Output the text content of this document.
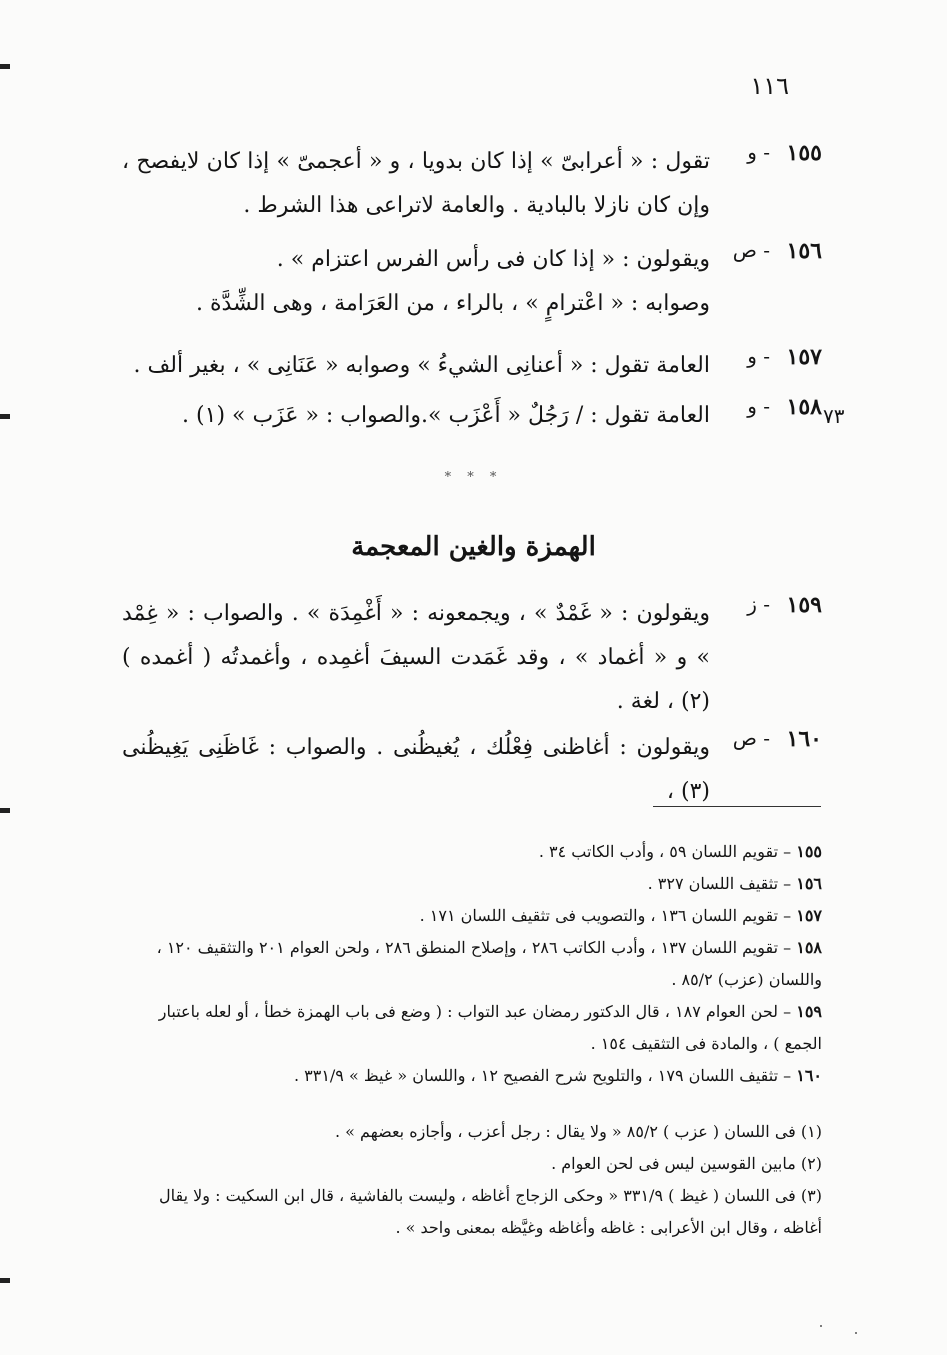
١١٦
١٥٥
- و

تقول : « أعرابىّ » إذا كان بدويا ، و « أعجمىّ » إذا كان لايفصح ، وإن كان نازلا بالبادية . والعامة لاتراعى هذا الشرط .

١٥٦
- ص

ويقولون : « إذا كان فى رأس الفرس اعتزام » .

وصوابه : « اعْترامٍ » ، بالراء ، من العَرَامة ، وهى الشِّدَّة .

١٥٧
- و

العامة تقول : « أعنانِى الشيءُ » وصوابه « عَنَانِى » ، بغير ألف .

١٥٨
- و

العامة تقول : / رَجُلٌ « أَعْزَب ».والصواب : « عَزَب » (١) .	٧٣
* * *
الهمزة والغين المعجمة
١٥٩
- ز

ويقولون : « غَمْدٌ » ، ويجمعونه : « أَغْمِدَة » . والصواب : « غِمْد » و « أغماد » ، وقد غَمَدت السيفَ أغمِده ، وأغمدتُه ( أغمده ) (٢) ، لغة .

١٦٠
- ص

ويقولون : أغاظنى فِعْلُك ، يُغيظُنى . والصواب : غَاظَنِى يَغِيظُنى (٣) ،

١٥٥ – تقويم اللسان ٥٩ ، وأدب الكاتب ٣٤ .
١٥٦ – تثقيف اللسان ٣٢٧ .
١٥٧ – تقويم اللسان ١٣٦ ، والتصويب فى تثقيف اللسان ١٧١ .
١٥٨ – تقويم اللسان ١٣٧ ، وأدب الكاتب ٢٨٦ ، وإصلاح المنطق ٢٨٦ ، ولحن العوام ٢٠١ والتثقيف ١٢٠ ، واللسان (عزب) ٨٥/٢ .
١٥٩ – لحن العوام ١٨٧ ، قال الدكتور رمضان عبد التواب : ( وضع فى باب الهمزة خطأ ، أو لعله باعتبار الجمع ) ، والمادة فى التثقيف ١٥٤ .
١٦٠ – تثقيف اللسان ١٧٩ ، والتلويح شرح الفصيح ١٢ ، واللسان « غيظ » ٣٣١/٩ .
(١) فى اللسان ( عزب ) ٨٥/٢ « ولا يقال : رجل أعزب ، وأجازه بعضهم » .
(٢) مابين القوسين ليس فى لحن العوام .
(٣) فى اللسان ( غيظ ) ٣٣١/٩ « وحكى الزجاج أغاظه ، وليست بالفاشية ، قال ابن السكيت : ولا يقال أغاظه ، وقال ابن الأعرابى : غاظه وأغاظه وغيَّظه بمعنى واحد » .
